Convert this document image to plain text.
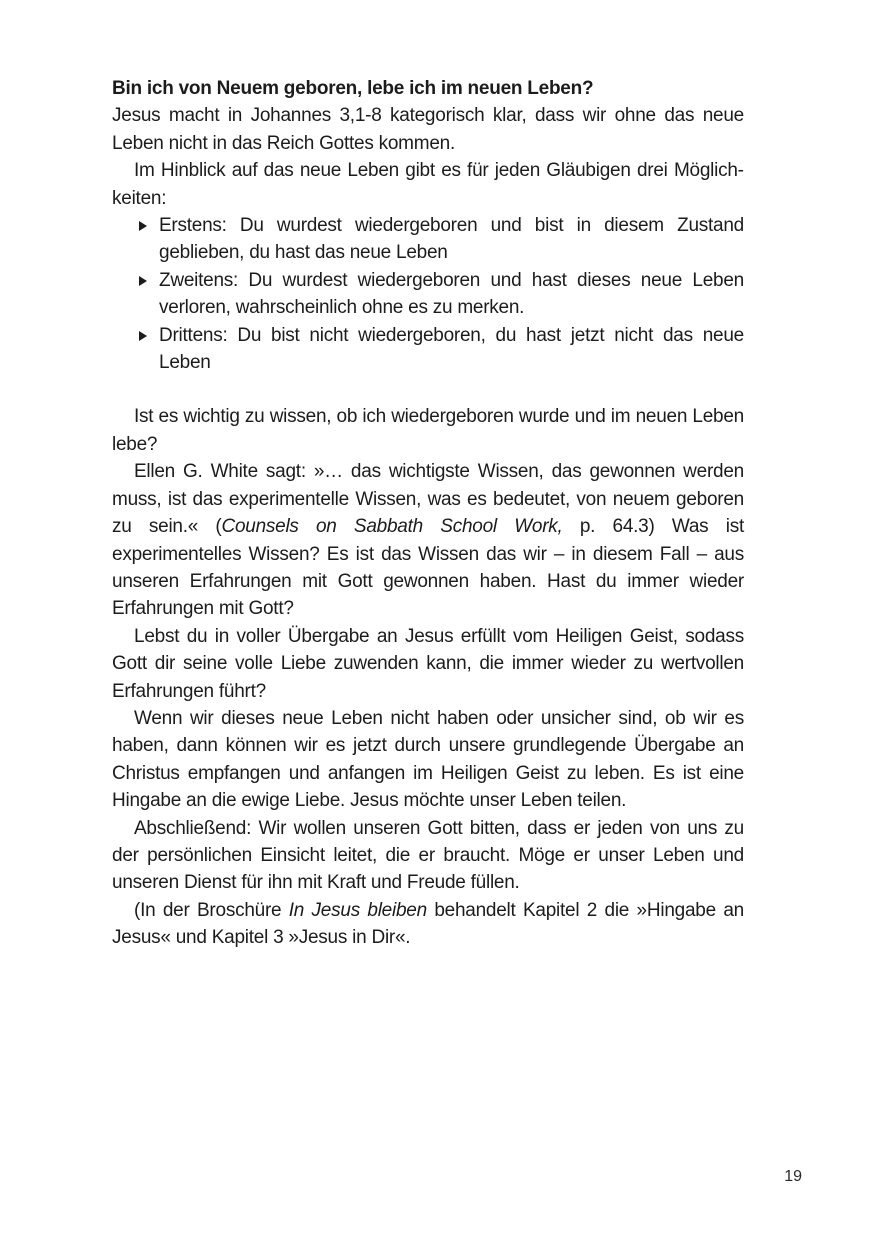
Bin ich von Neuem geboren, lebe ich im neuen Leben?

Jesus macht in Johannes 3,1-8 kategorisch klar, dass wir ohne das neue Leben nicht in das Reich Gottes kommen.

Im Hinblick auf das neue Leben gibt es für jeden Gläubigen drei Möglichkeiten:

Erstens: Du wurdest wiedergeboren und bist in diesem Zustand geblieben, du hast das neue Leben
Zweitens: Du wurdest wiedergeboren und hast dieses neue Leben verloren, wahrscheinlich ohne es zu merken.
Drittens: Du bist nicht wiedergeboren, du hast jetzt nicht das neue Leben

Ist es wichtig zu wissen, ob ich wiedergeboren wurde und im neuen Leben lebe?

Ellen G. White sagt: »… das wichtigste Wissen, das gewonnen werden muss, ist das experimentelle Wissen, was es bedeutet, von neuem geboren zu sein.« (Counsels on Sabbath School Work, p. 64.3) Was ist experimentelles Wissen? Es ist das Wissen das wir – in diesem Fall – aus unseren Erfahrungen mit Gott gewonnen haben. Hast du immer wieder Erfahrungen mit Gott?

Lebst du in voller Übergabe an Jesus erfüllt vom Heiligen Geist, sodass Gott dir seine volle Liebe zuwenden kann, die immer wieder zu wertvollen Erfahrungen führt?

Wenn wir dieses neue Leben nicht haben oder unsicher sind, ob wir es haben, dann können wir es jetzt durch unsere grundlegende Übergabe an Christus empfangen und anfangen im Heiligen Geist zu leben. Es ist eine Hingabe an die ewige Liebe. Jesus möchte unser Leben teilen.

Abschließend: Wir wollen unseren Gott bitten, dass er jeden von uns zu der persönlichen Einsicht leitet, die er braucht. Möge er unser Leben und unseren Dienst für ihn mit Kraft und Freude füllen.

(In der Broschüre In Jesus bleiben behandelt Kapitel 2 die »Hingabe an Jesus« und Kapitel 3 »Jesus in Dir«.

19
